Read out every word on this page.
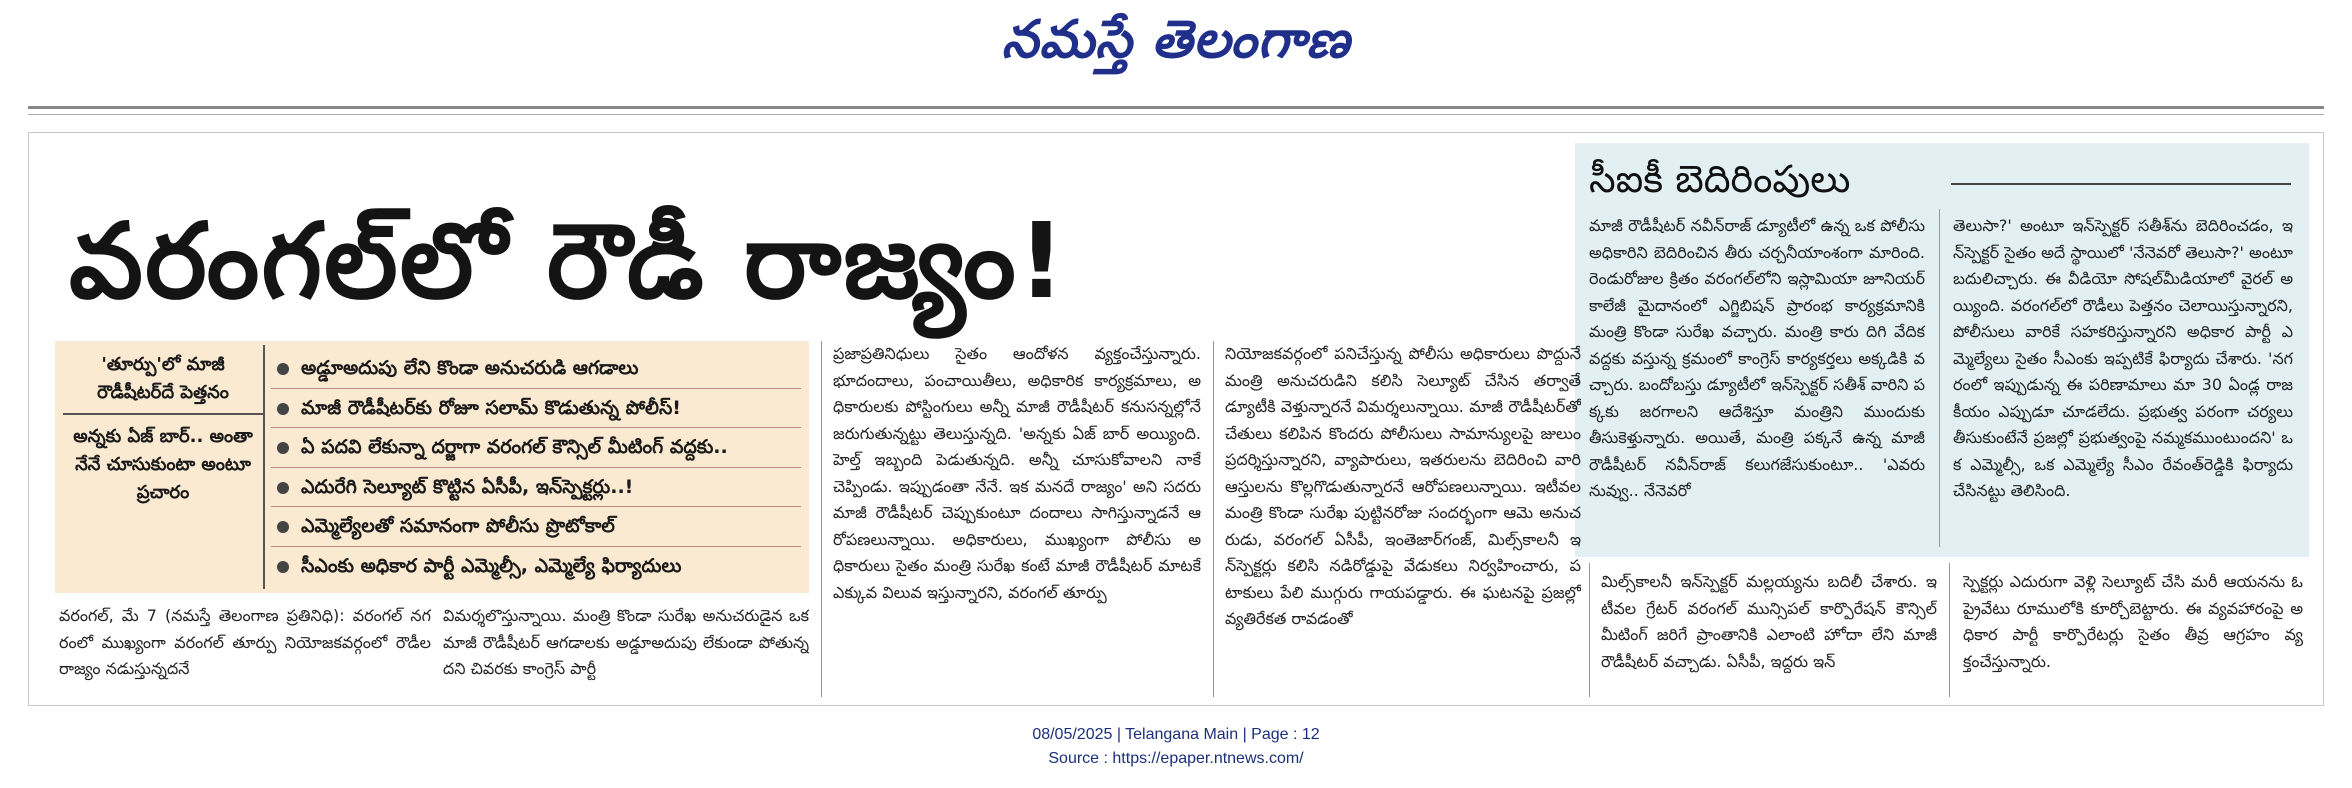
నమస్తే తెలంగాణ
వరంగల్‌లో రౌడీ రాజ్యం!
సీఐకీ బెదిరింపులు

మాజీ రౌడీషీటర్ నవీన్‌రాజ్ డ్యూటీలో ఉన్న ఒక పోలీసు అధికారిని బెదిరించిన తీరు చర్చనీయాంశంగా మారింది. రెండురోజుల క్రితం వరంగల్‌లోని ఇస్లామియా జూనియర్ కాలేజీ మైదానంలో ఎగ్జిబిషన్ ప్రారంభ కార్యక్రమానికి మంత్రి కొండా సురేఖ వచ్చారు. మంత్రి కారు దిగి వేదిక వద్దకు వస్తున్న క్రమంలో కాంగ్రెస్ కార్యకర్తలు అక్కడికి వచ్చారు. బందోబస్తు డ్యూటీలో ఇన్‌స్పెక్టర్ సతీశ్ వారిని పక్కకు జరగాలని ఆదేశిస్తూ మంత్రిని ముందుకు తీసుకెళ్తున్నారు. అయితే, మంత్రి పక్కనే ఉన్న మాజీ రౌడీషీటర్ నవీన్‌రాజ్ కలుగజేసుకుంటూ.. 'ఎవరు నువ్వు.. నేనెవరో

తెలుసా?' అంటూ ఇన్‌స్పెక్టర్ సతీశ్‌ను బెదిరించడం, ఇన్‌స్పెక్టర్ సైతం అదే స్థాయిలో 'నేనెవరో తెలుసా?' అంటూ బదులిచ్చారు. ఈ వీడియో సోషల్‌మీడియాలో వైరల్ అయ్యింది. వరంగల్‌లో రౌడీలు పెత్తనం చెలాయిస్తున్నారని, పోలీసులు వారికే సహకరిస్తున్నారని అధికార పార్టీ ఎమ్మెల్యేలు సైతం సీఎంకు ఇప్పటికే ఫిర్యాదు చేశారు. 'నగరంలో ఇప్పుడున్న ఈ పరిణామాలు మా 30 ఏండ్ల రాజకీయం ఎప్పుడూ చూడలేదు. ప్రభుత్వ పరంగా చర్యలు తీసుకుంటేనే ప్రజల్లో ప్రభుత్వంపై నమ్మకముంటుందని' ఒక ఎమ్మెల్సీ, ఒక ఎమ్మెల్యే సీఎం రేవంత్‌రెడ్డికి ఫిర్యాదు చేసినట్టు తెలిసింది.

'తూర్పు'లో మాజీ రౌడీషీటర్‌దే పెత్తనం
అన్నకు ఏజ్ బార్.. అంతా నేనే చూసుకుంటా అంటూ ప్రచారం
అడ్డూఅదుపు లేని కొండా అనుచరుడి ఆగడాలు
మాజీ రౌడీషీటర్‌కు రోజూ సలామ్ కొడుతున్న పోలీస్!
ఏ పదవి లేకున్నా దర్జాగా వరంగల్ కౌన్సిల్ మీటింగ్ వద్దకు..
ఎదురేగి సెల్యూట్ కొట్టిన ఏసీపీ, ఇన్‌స్పెక్టర్లు..!
ఎమ్మెల్యేలతో సమానంగా పోలీసు ప్రొటోకాల్
సీఎంకు అధికార పార్టీ ఎమ్మెల్సీ, ఎమ్మెల్యే ఫిర్యాదులు

వరంగల్, మే 7 (నమస్తే తెలంగాణ ప్రతినిధి): వరంగల్ నగరంలో ముఖ్యంగా వరంగల్ తూర్పు నియోజకవర్గంలో రౌడీలరాజ్యం నడుస్తున్నదనే

విమర్శలొస్తున్నాయి. మంత్రి కొండా సురేఖ అనుచరుడైన ఒక మాజీ రౌడీషీటర్ ఆగడాలకు అడ్డూఅదుపు లేకుండా పోతున్నదని చివరకు కాంగ్రెస్ పార్టీ

ప్రజాప్రతినిధులు సైతం ఆందోళన వ్యక్తంచేస్తున్నారు. భూదందాలు, పంచాయితీలు, అధికారిక కార్యక్రమాలు, అధికారులకు పోస్టింగులు అన్నీ మాజీ రౌడీషీటర్ కనుసన్నల్లోనే జరుగుతున్నట్టు తెలుస్తున్నది. 'అన్నకు ఏజ్ బార్ అయ్యింది. హెల్త్ ఇబ్బంది పెడుతున్నది. అన్నీ చూసుకోవాలని నాకే చెప్పిండు. ఇప్పుడంతా నేనే. ఇక మనదే రాజ్యం' అని సదరు మాజీ రౌడీషీటర్ చెప్పుకుంటూ దందాలు సాగిస్తున్నాడనే ఆరోపణలున్నాయి. అధికారులు, ముఖ్యంగా పోలీసు అధికారులు సైతం మంత్రి సురేఖ కంటే మాజీ రౌడీషీటర్ మాటకే ఎక్కువ విలువ ఇస్తున్నారని, వరంగల్ తూర్పు

నియోజకవర్గంలో పనిచేస్తున్న పోలీసు అధికారులు పొద్దునే మంత్రి అనుచరుడిని కలిసి సెల్యూట్ చేసిన తర్వాతే డ్యూటీకి వెళ్తున్నారనే విమర్శలున్నాయి. మాజీ రౌడీషీటర్‌తో చేతులు కలిపిన కొందరు పోలీసులు సామాన్యులపై జులుం ప్రదర్శిస్తున్నారని, వ్యాపారులు, ఇతరులను బెదిరించి వారి ఆస్తులను కొల్లగొడుతున్నారనే ఆరోపణలున్నాయి. ఇటీవల మంత్రి కొండా సురేఖ పుట్టినరోజు సందర్భంగా ఆమె అనుచరుడు, వరంగల్ ఏసీపీ, ఇంతెజార్‌గంజ్, మిల్స్‌కాలనీ ఇన్‌స్పెక్టర్లు కలిసి నడిరోడ్డుపై వేడుకలు నిర్వహించారు, పటాకులు పేలి ముగ్గురు గాయపడ్డారు. ఈ ఘటనపై ప్రజల్లో వ్యతిరేకత రావడంతో

మిల్స్‌కాలనీ ఇన్‌స్పెక్టర్ మల్లయ్యను బదిలీ చేశారు. ఇటీవల గ్రేటర్ వరంగల్ మున్సిపల్ కార్పొరేషన్ కౌన్సిల్ మీటింగ్ జరిగే ప్రాంతానికి ఎలాంటి హోదా లేని మాజీ రౌడీషీటర్ వచ్చాడు. ఏసీపీ, ఇద్దరు ఇన్

స్పెక్టర్లు ఎదురుగా వెళ్లి సెల్యూట్ చేసి మరీ ఆయనను ఓ ప్రైవేటు రూములోకి కూర్చోబెట్టారు. ఈ వ్యవహారంపై అధికార పార్టీ కార్పొరేటర్లు సైతం తీవ్ర ఆగ్రహం వ్యక్తంచేస్తున్నారు.

08/05/2025 | Telangana Main | Page : 12
Source : https://epaper.ntnews.com/
